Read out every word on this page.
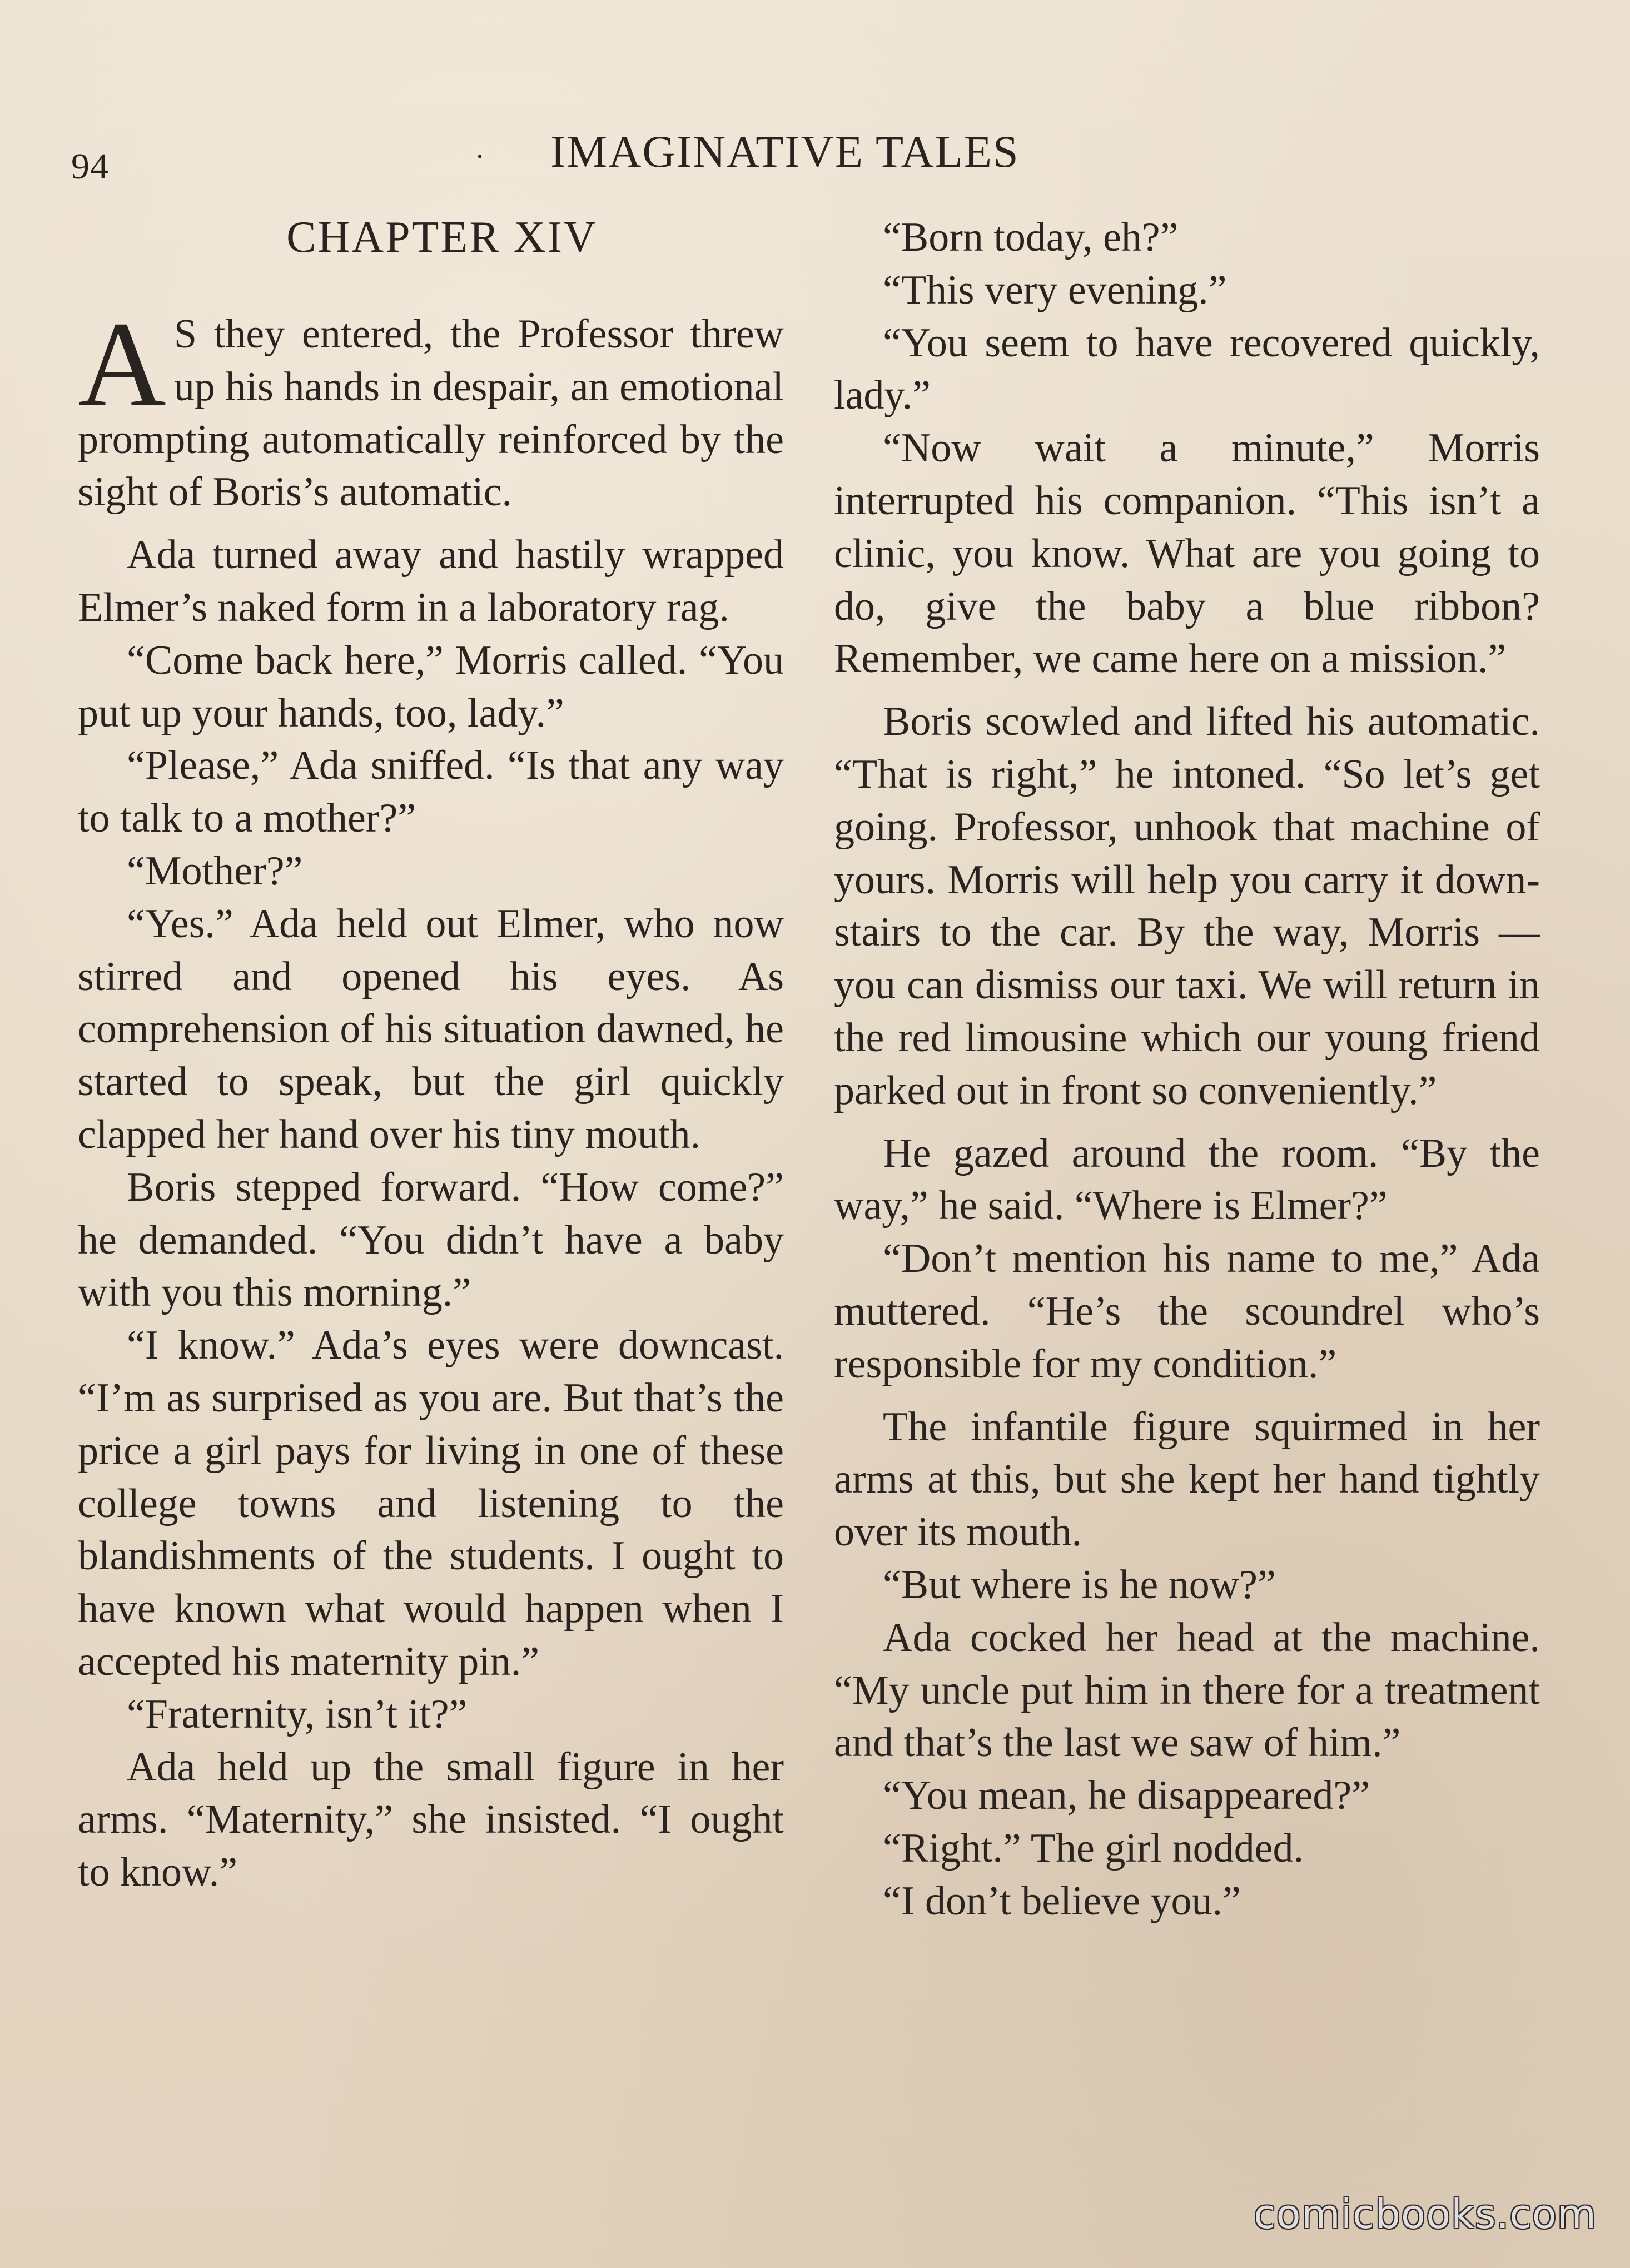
94	· IMAGINATIVE TALES
CHAPTER XIV

A S they entered, the Professor threw up his hands in despair, an emotional prompting automatically reinforced by the sight of Boris’s automatic.

Ada turned away and hastily wrapped Elmer’s naked form in a laboratory rag.

“Come back here,” Morris called. “You put up your hands, too, lady.”

“Please,” Ada sniffed. “Is that any way to talk to a mother?”

“Mother?”

“Yes.” Ada held out Elmer, who now stirred and opened his eyes. As comprehension of his situation dawned, he started to speak, but the girl quickly clapped her hand over his tiny mouth.

Boris stepped forward. “How come?” he demanded. “You didn’t have a baby with you this morning.”

“I know.” Ada’s eyes were downcast. “I’m as surprised as you are. But that’s the price a girl pays for living in one of these college towns and listening to the blandishments of the students. I ought to have known what would happen when I accepted his maternity pin.”

“Fraternity, isn’t it?”

Ada held up the small figure in her arms. “Maternity,” she insisted. “I ought to know.”

“Born today, eh?”

“This very evening.”

“You seem to have recovered quickly, lady.”

“Now wait a minute,” Morris interrupted his companion. “This isn’t a clinic, you know. What are you going to do, give the baby a blue ribbon? Remember, we came here on a mission.”

Boris scowled and lifted his automatic. “That is right,” he intoned. “So let’s get going. Professor, unhook that machine of yours. Morris will help you carry it downstairs to the car. By the way, Morris — you can dismiss our taxi. We will return in the red limousine which our young friend parked out in front so conveniently.”

He gazed around the room. “By the way,” he said. “Where is Elmer?”

“Don’t mention his name to me,” Ada muttered. “He’s the scoundrel who’s responsible for my condition.”

The infantile figure squirmed in her arms at this, but she kept her hand tightly over its mouth.

“But where is he now?”

Ada cocked her head at the machine. “My uncle put him in there for a treatment and that’s the last we saw of him.”

“You mean, he disappeared?”

“Right.” The girl nodded.

“I don’t believe you.”

comicbooks.com
